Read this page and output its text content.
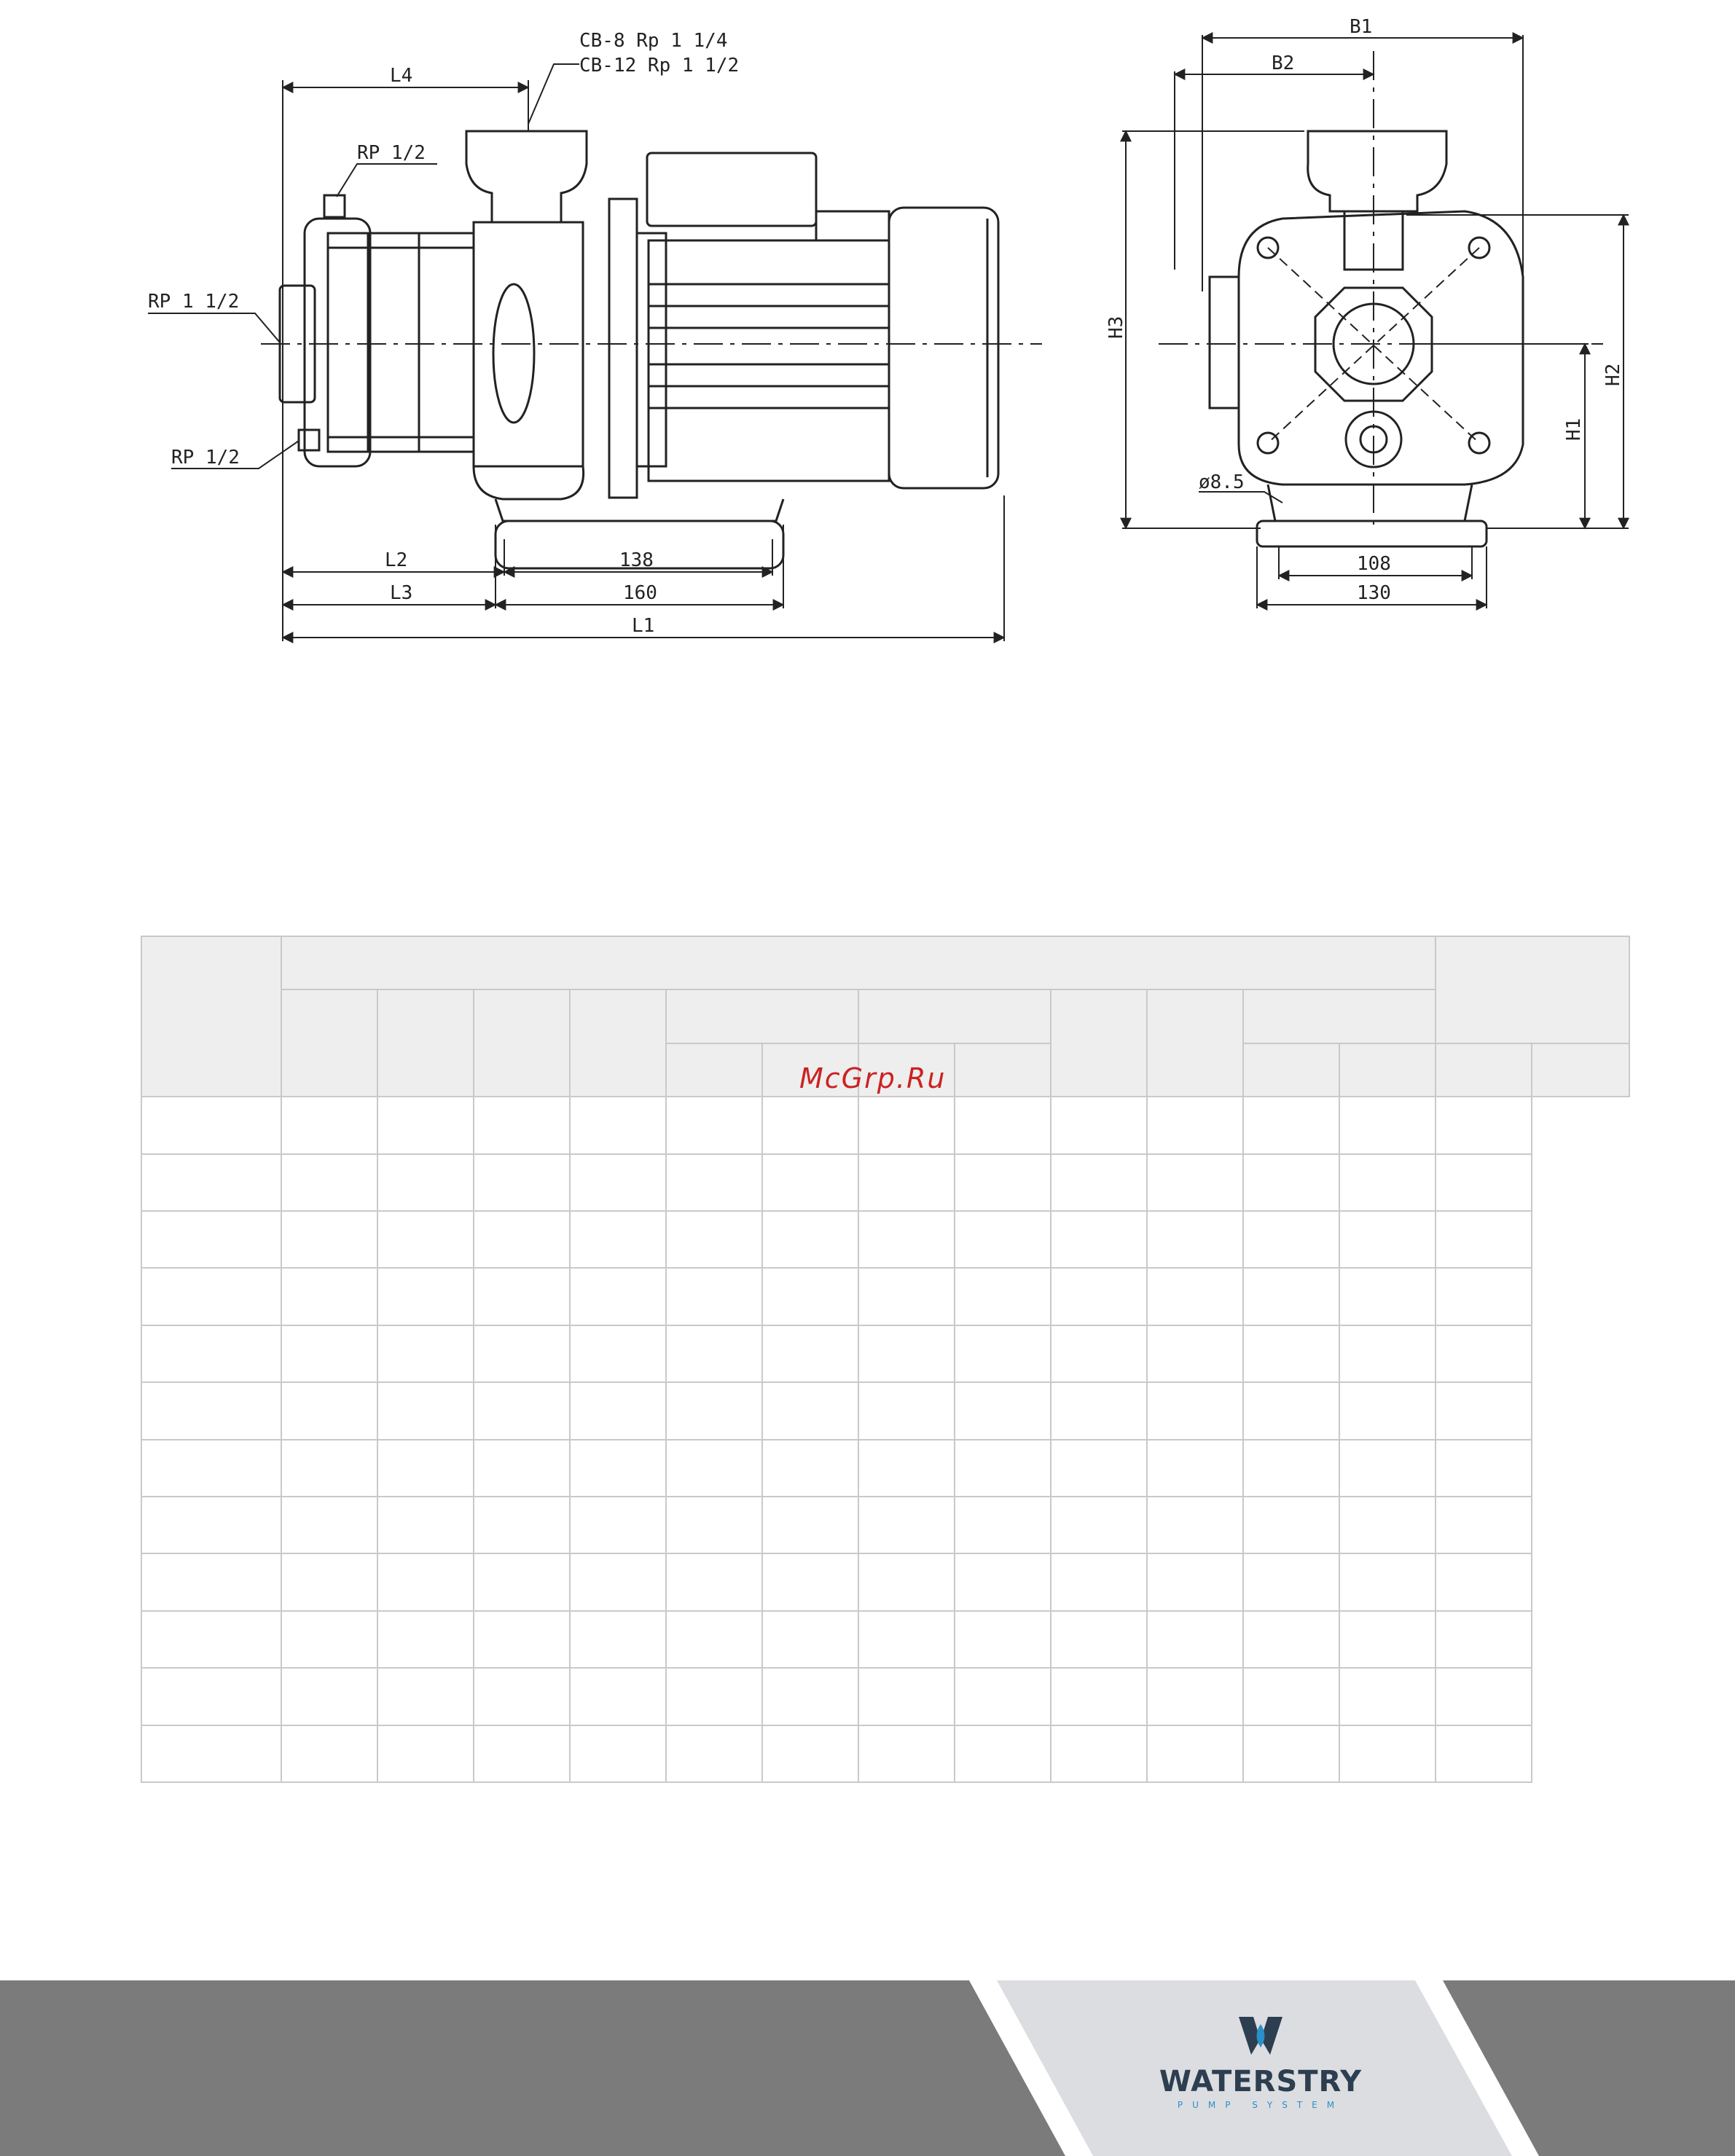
CB-8 Rp 1 1/4
CB-12 Rp 1 1/2
RP 1/2
RP 1 1/2
RP 1/2
L4
L2	138
L3	160
L1
B1
B2
H3
H2
H1
ø8.5
108
130

McGrp.Ru
WATERSTRY
PUMP SYSTEM
